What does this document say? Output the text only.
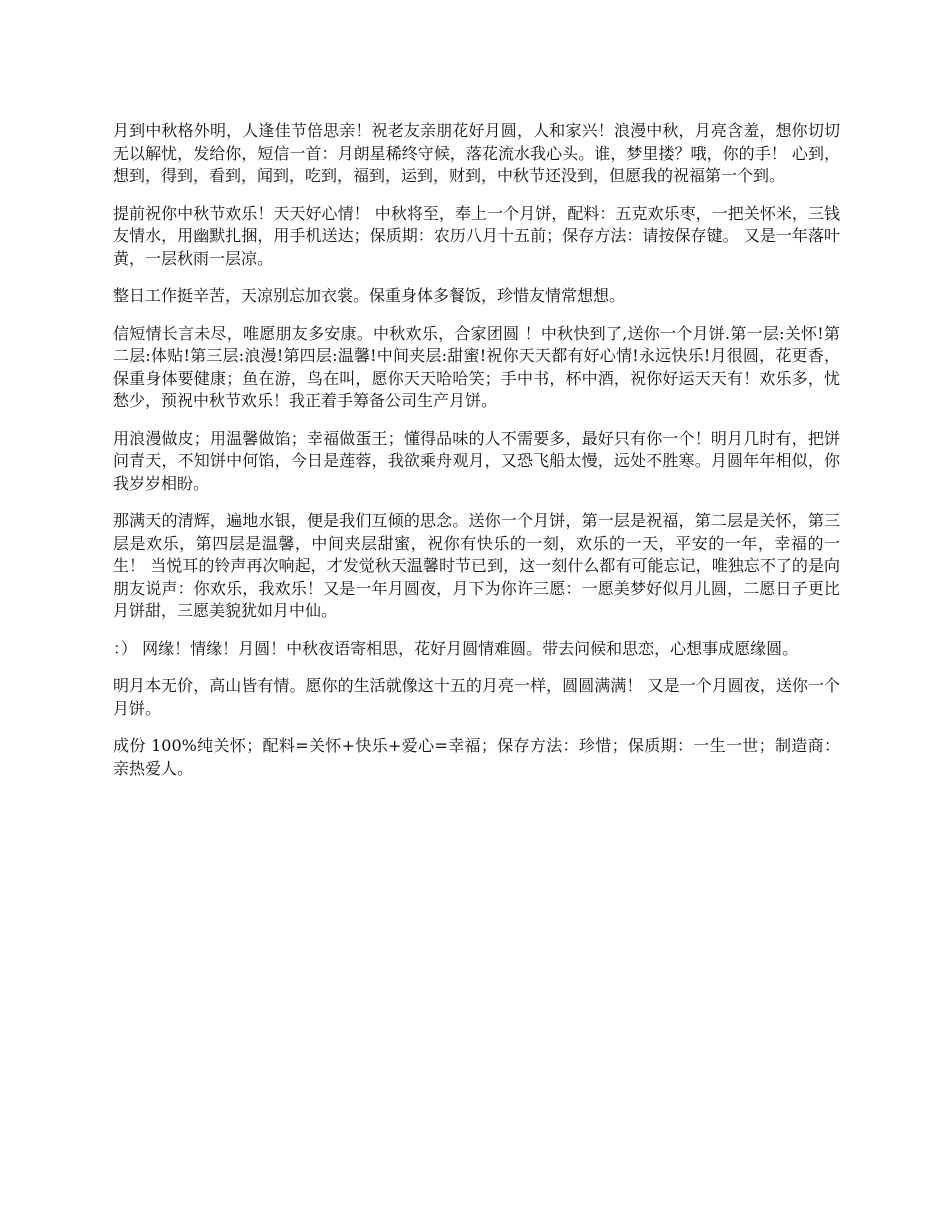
月到中秋格外明，人逢佳节倍思亲！祝老友亲朋花好月圆，人和家兴！浪漫中秋，月亮含羞，想你切切无以解忧，发给你，短信一首：月朗星稀终守候，落花流水我心头。谁，梦里搂？哦，你的手！ 心到，想到，得到，看到，闻到，吃到，福到，运到，财到，中秋节还没到，但愿我的祝福第一个到。

提前祝你中秋节欢乐！天天好心情！ 中秋将至，奉上一个月饼，配料：五克欢乐枣，一把关怀米，三钱友情水，用幽默扎捆，用手机送达；保质期：农历八月十五前；保存方法：请按保存键。 又是一年落叶黄，一层秋雨一层凉。

整日工作挺辛苦，天凉别忘加衣裳。保重身体多餐饭，珍惜友情常想想。

信短情长言未尽，唯愿朋友多安康。中秋欢乐，合家团圆 ！中秋快到了,送你一个月饼.第一层:关怀!第二层:体贴!第三层:浪漫!第四层:温馨!中间夹层:甜蜜!祝你天天都有好心情!永远快乐!月很圆，花更香，保重身体要健康；鱼在游，鸟在叫，愿你天天哈哈笑；手中书，杯中酒，祝你好运天天有！欢乐多，忧愁少，预祝中秋节欢乐！我正着手筹备公司生产月饼。

用浪漫做皮；用温馨做馅；幸福做蛋王；懂得品味的人不需要多，最好只有你一个！明月几时有，把饼问青天，不知饼中何馅，今日是莲蓉，我欲乘舟观月，又恐飞船太慢，远处不胜寒。月圆年年相似，你我岁岁相盼。

那满天的清辉，遍地水银，便是我们互倾的思念。送你一个月饼，第一层是祝福，第二层是关怀，第三层是欢乐，第四层是温馨，中间夹层甜蜜，祝你有快乐的一刻，欢乐的一天，平安的一年，幸福的一生！ 当悦耳的铃声再次响起，才发觉秋天温馨时节已到，这一刻什么都有可能忘记，唯独忘不了的是向朋友说声：你欢乐，我欢乐！又是一年月圆夜，月下为你许三愿：一愿美梦好似月儿圆，二愿日子更比月饼甜，三愿美貌犹如月中仙。

：） 网缘！情缘！月圆！中秋夜语寄相思，花好月圆情难圆。带去问候和思恋，心想事成愿缘圆。

明月本无价，高山皆有情。愿你的生活就像这十五的月亮一样，圆圆满满！ 又是一个月圆夜，送你一个月饼。

成份 100%纯关怀；配料=关怀+快乐+爱心=幸福；保存方法：珍惜；保质期：一生一世；制造商：亲热爱人。
